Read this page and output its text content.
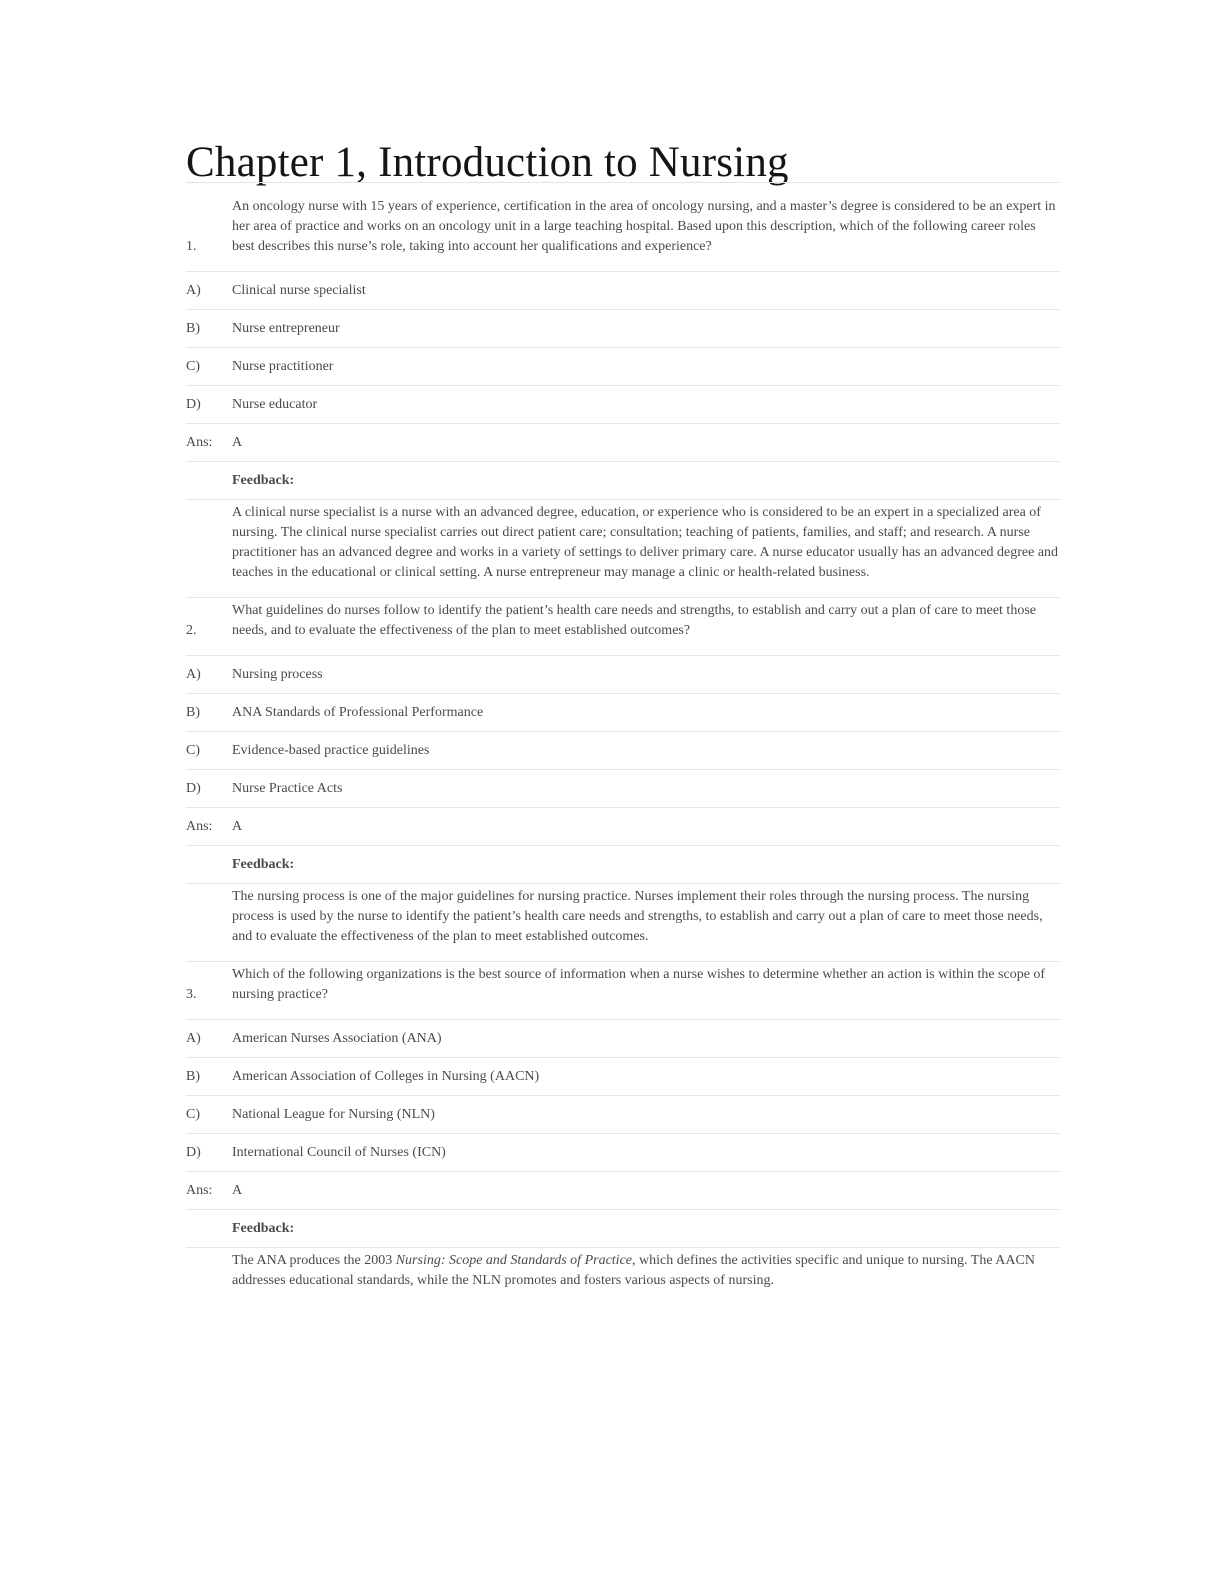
Chapter 1, Introduction to Nursing
1.
An oncology nurse with 15 years of experience, certification in the area of oncology nursing, and a master’s degree is considered to be an expert in her area of practice and works on an oncology unit in a large teaching hospital. Based upon this description, which of the following career roles best describes this nurse’s role, taking into account her qualifications and experience?
A)	Clinical nurse specialist
B)	Nurse entrepreneur
C)	Nurse practitioner
D)	Nurse educator
Ans:	A
Feedback:
A clinical nurse specialist is a nurse with an advanced degree, education, or experience who is considered to be an expert in a specialized area of nursing. The clinical nurse specialist carries out direct patient care; consultation; teaching of patients, families, and staff; and research. A nurse practitioner has an advanced degree and works in a variety of settings to deliver primary care. A nurse educator usually has an advanced degree and teaches in the educational or clinical setting. A nurse entrepreneur may manage a clinic or health-related business.
2.
What guidelines do nurses follow to identify the patient’s health care needs and strengths, to establish and carry out a plan of care to meet those needs, and to evaluate the effectiveness of the plan to meet established outcomes?
A)	Nursing process
B)	ANA Standards of Professional Performance
C)	Evidence-based practice guidelines
D)	Nurse Practice Acts
Ans:	A
Feedback:
The nursing process is one of the major guidelines for nursing practice. Nurses implement their roles through the nursing process. The nursing process is used by the nurse to identify the patient’s health care needs and strengths, to establish and carry out a plan of care to meet those needs, and to evaluate the effectiveness of the plan to meet established outcomes.
3.
Which of the following organizations is the best source of information when a nurse wishes to determine whether an action is within the scope of nursing practice?
A)	American Nurses Association (ANA)
B)	American Association of Colleges in Nursing (AACN)
C)	National League for Nursing (NLN)
D)	International Council of Nurses (ICN)
Ans:	A
Feedback:
The ANA produces the 2003 Nursing: Scope and Standards of Practice, which defines the activities specific and unique to nursing. The AACN addresses educational standards, while the NLN promotes and fosters various aspects of nursing.
